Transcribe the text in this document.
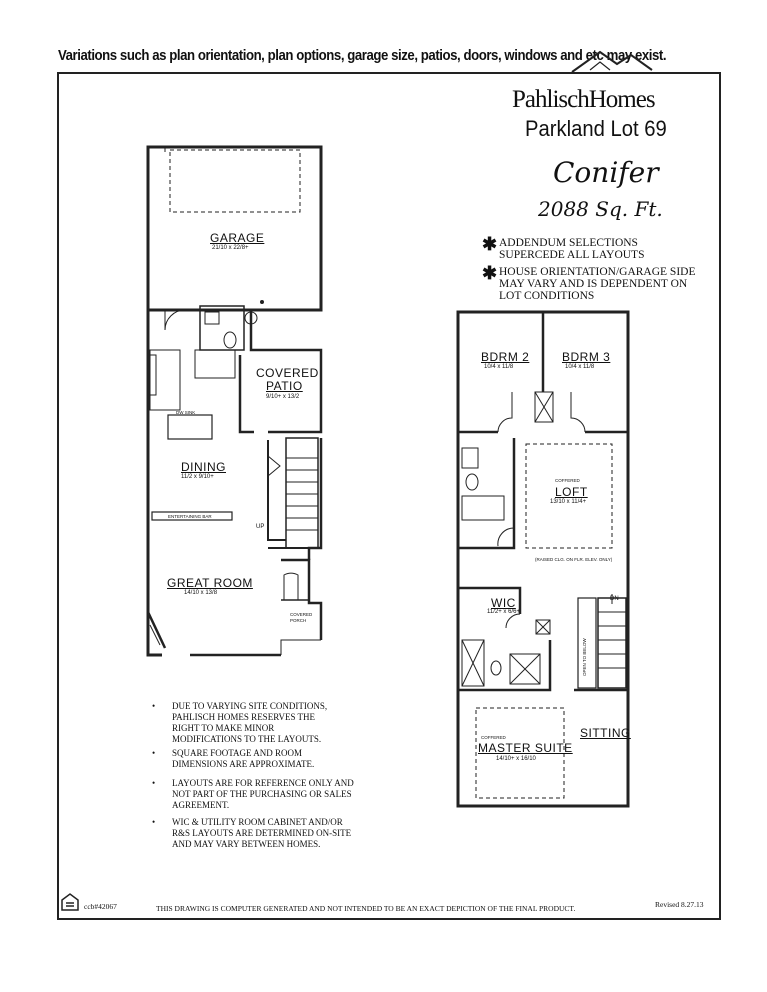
Variations such as plan orientation, plan options, garage size, patios, doors, windows and etc may exist.
PahlischHomes
Parkland Lot 69
Conifer
2088 Sq. Ft.
✱ ADDENDUM SELECTIONS
SUPERCEDE ALL LAYOUTS
✱ HOUSE ORIENTATION/GARAGE SIDE
MAY VARY AND IS DEPENDENT ON
LOT CONDITIONS
GARAGE
21/10 x 22/8+
COVERED
PATIO
9/10+ x 13/2
DW SINK
DINING
11/2 x 9/10+
ENTERTAINING BAR
UP
GREAT ROOM
14/10 x 13/8
COVERED
PORCH
BDRM 2
10/4 x 11/8
BDRM 3
10/4 x 11/8
COFFERED
LOFT
13/10 x 11/4+
(RAISED CLG. ON FLR. ELEV. ONLY)
WIC
11/2+ x 6/6+
DN
OPEN TO BELOW
SITTING
COFFERED
MASTER SUITE
14/10+ x 16/10
• DUE TO VARYING SITE CONDITIONS,
PAHLISCH HOMES RESERVES THE
RIGHT TO MAKE MINOR
MODIFICATIONS TO THE LAYOUTS.
• SQUARE FOOTAGE AND ROOM
DIMENSIONS ARE APPROXIMATE.
• LAYOUTS ARE FOR REFERENCE ONLY AND
NOT PART OF THE PURCHASING OR SALES
AGREEMENT.
• WIC & UTILITY ROOM CABINET AND/OR
R&S LAYOUTS ARE DETERMINED ON-SITE
AND MAY VARY BETWEEN HOMES.
ccb#42067	THIS DRAWING IS COMPUTER GENERATED AND NOT INTENDED TO BE AN EXACT DEPICTION OF THE FINAL PRODUCT.	Revised 8.27.13
